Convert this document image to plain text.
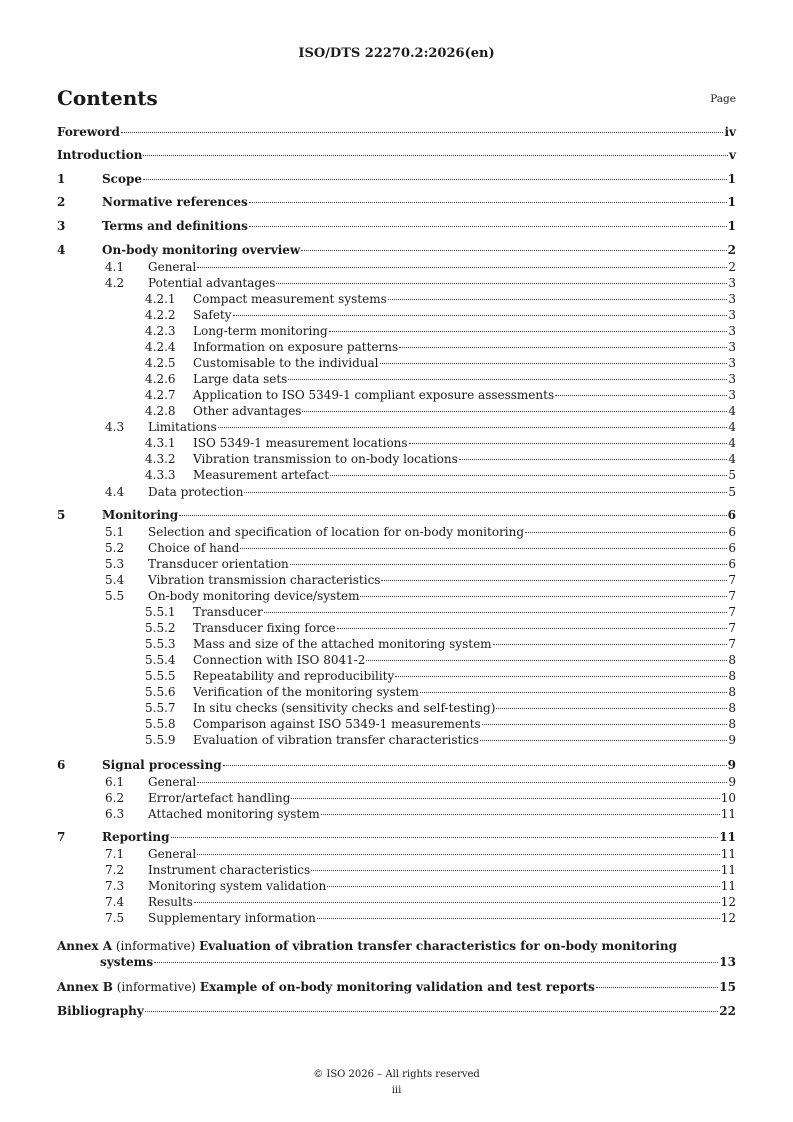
ISO/DTS 22270.2:2026(en)
Contents	Page
Foreword	iv
Introduction	v
1	Scope	1
2	Normative references	1
3	Terms and definitions	1
4	On-body monitoring overview	2
4.1	General	2
4.2	Potential advantages	3
4.2.1	Compact measurement systems	3
4.2.2	Safety	3
4.2.3	Long-term monitoring	3
4.2.4	Information on exposure patterns	3
4.2.5	Customisable to the individual	3
4.2.6	Large data sets	3
4.2.7	Application to ISO 5349-1 compliant exposure assessments	3
4.2.8	Other advantages	4
4.3	Limitations	4
4.3.1	ISO 5349-1 measurement locations	4
4.3.2	Vibration transmission to on-body locations	4
4.3.3	Measurement artefact	5
4.4	Data protection	5
5	Monitoring	6
5.1	Selection and specification of location for on-body monitoring	6
5.2	Choice of hand	6
5.3	Transducer orientation	6
5.4	Vibration transmission characteristics	7
5.5	On-body monitoring device/system	7
5.5.1	Transducer	7
5.5.2	Transducer fixing force	7
5.5.3	Mass and size of the attached monitoring system	7
5.5.4	Connection with ISO 8041-2	8
5.5.5	Repeatability and reproducibility	8
5.5.6	Verification of the monitoring system	8
5.5.7	In situ checks (sensitivity checks and self-testing)	8
5.5.8	Comparison against ISO 5349-1 measurements	8
5.5.9	Evaluation of vibration transfer characteristics	9
6	Signal processing	9
6.1	General	9
6.2	Error/artefact handling	10
6.3	Attached monitoring system	11
7	Reporting	11
7.1	General	11
7.2	Instrument characteristics	11
7.3	Monitoring system validation	11
7.4	Results	12
7.5	Supplementary information	12
Annex A (informative) Evaluation of vibration transfer characteristics for on-body monitoring
systems	13
Annex B (informative) Example of on-body monitoring validation and test reports	15
Bibliography	22
© ISO 2026 – All rights reserved
iii
